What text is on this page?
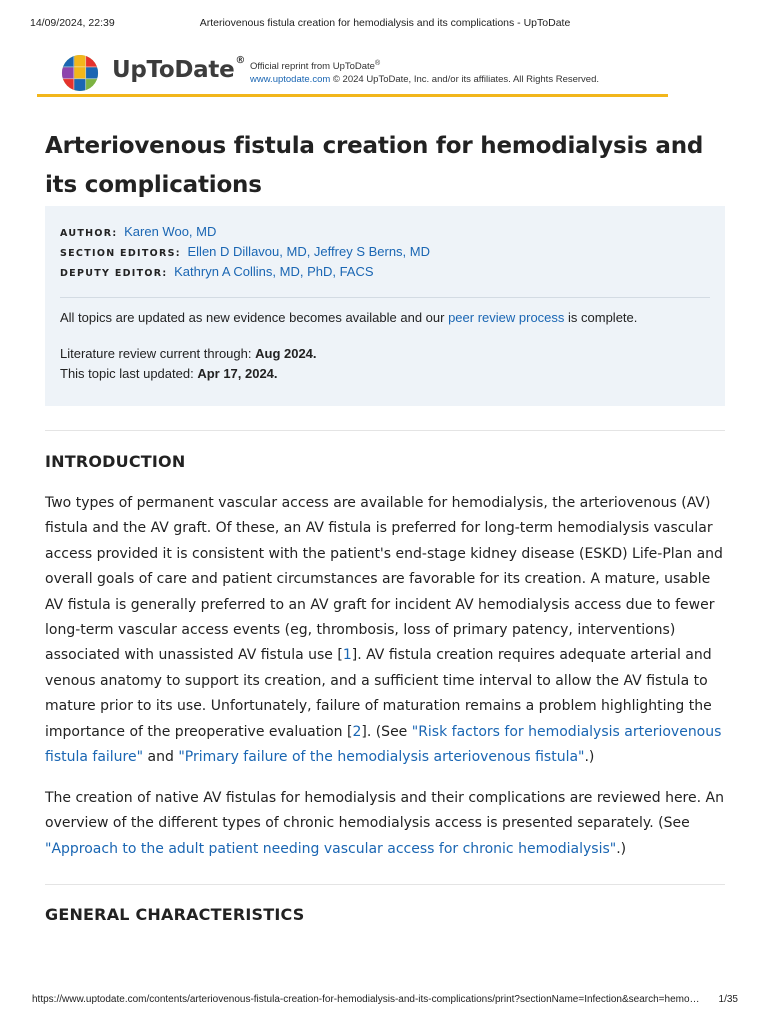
14/09/2024, 22:39	Arteriovenous fistula creation for hemodialysis and its complications - UpToDate
UpToDate®
Official reprint from UpToDate®
www.uptodate.com © 2024 UpToDate, Inc. and/or its affiliates. All Rights Reserved.
Arteriovenous fistula creation for hemodialysis and its complications
AUTHOR: Karen Woo, MD
SECTION EDITORS: Ellen D Dillavou, MD, Jeffrey S Berns, MD
DEPUTY EDITOR: Kathryn A Collins, MD, PhD, FACS
All topics are updated as new evidence becomes available and our peer review process is complete.
Literature review current through: Aug 2024.
This topic last updated: Apr 17, 2024.
INTRODUCTION

Two types of permanent vascular access are available for hemodialysis, the arteriovenous (AV) fistula and the AV graft. Of these, an AV fistula is preferred for long-term hemodialysis vascular access provided it is consistent with the patient's end-stage kidney disease (ESKD) Life-Plan and overall goals of care and patient circumstances are favorable for its creation. A mature, usable AV fistula is generally preferred to an AV graft for incident AV hemodialysis access due to fewer long-term vascular access events (eg, thrombosis, loss of primary patency, interventions) associated with unassisted AV fistula use [1]. AV fistula creation requires adequate arterial and venous anatomy to support its creation, and a sufficient time interval to allow the AV fistula to mature prior to its use. Unfortunately, failure of maturation remains a problem highlighting the importance of the preoperative evaluation [2]. (See "Risk factors for hemodialysis arteriovenous fistula failure" and "Primary failure of the hemodialysis arteriovenous fistula".)

The creation of native AV fistulas for hemodialysis and their complications are reviewed here. An overview of the different types of chronic hemodialysis access is presented separately. (See "Approach to the adult patient needing vascular access for chronic hemodialysis".)

GENERAL CHARACTERISTICS
https://www.uptodate.com/contents/arteriovenous-fistula-creation-for-hemodialysis-and-its-complications/print?sectionName=Infection&search=hemo… 1/35
